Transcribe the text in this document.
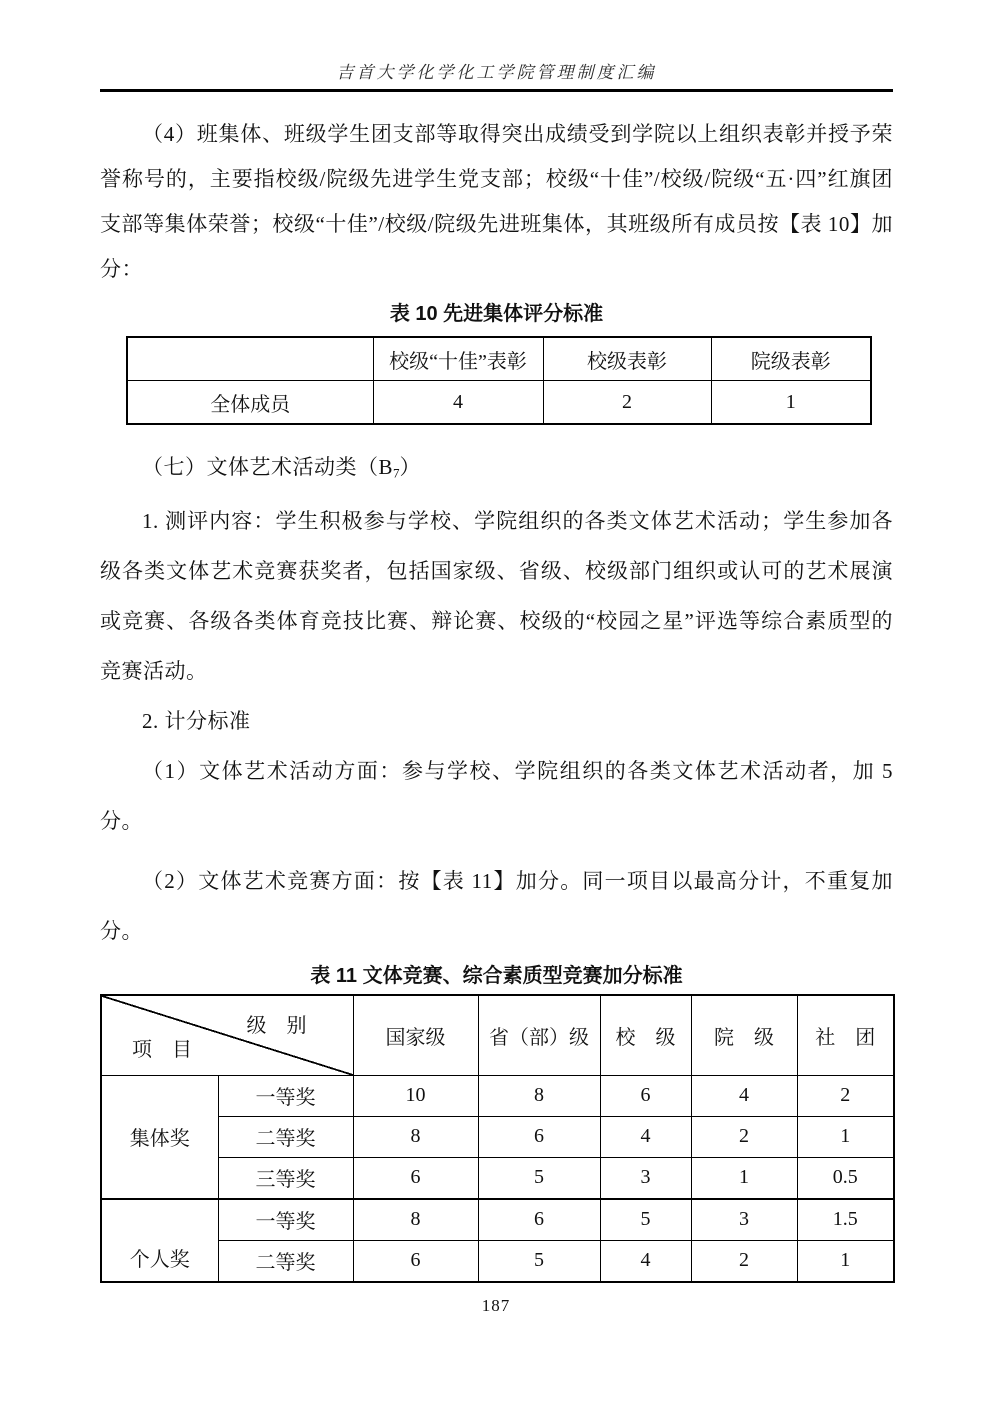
吉首大学化学化工学院管理制度汇编

（4）班集体、班级学生团支部等取得突出成绩受到学院以上组织表彰并授予荣誉称号的，主要指校级/院级先进学生党支部；校级“十佳”/校级/院级“五·四”红旗团支部等集体荣誉；校级“十佳”/校级/院级先进班集体，其班级所有成员按【表 10】加分：

表 10 先进集体评分标准
	校级“十佳”表彰	校级表彰	院级表彰
全体成员	4	2	1

（七）文体艺术活动类$(B_7)$

1. 测评内容：学生积极参与学校、学院组织的各类文体艺术活动；学生参加各级各类文体艺术竞赛获奖者，包括国家级、省级、校级部门组织或认可的艺术展演或竞赛、各级各类体育竞技比赛、辩论赛、校级的“校园之星”评选等综合素质型的竞赛活动。

2. 计分标准

（1）文体艺术活动方面：参与学校、学院组织的各类文体艺术活动者，加 5 分。

（2）文体艺术竞赛方面：按【表 11】加分。同一项目以最高分计，不重复加分。

表 11 文体竞赛、综合素质型竞赛加分标准
级　别
项　目		国家级	省（部）级	校　级	院　级	社　团
集体奖	一等奖	10	8	6	4	2
	二等奖	8	6	4	2	1
	三等奖	6	5	3	1	0.5
个人奖	一等奖	8	6	5	3	1.5
	二等奖	6	5	4	2	1
187
